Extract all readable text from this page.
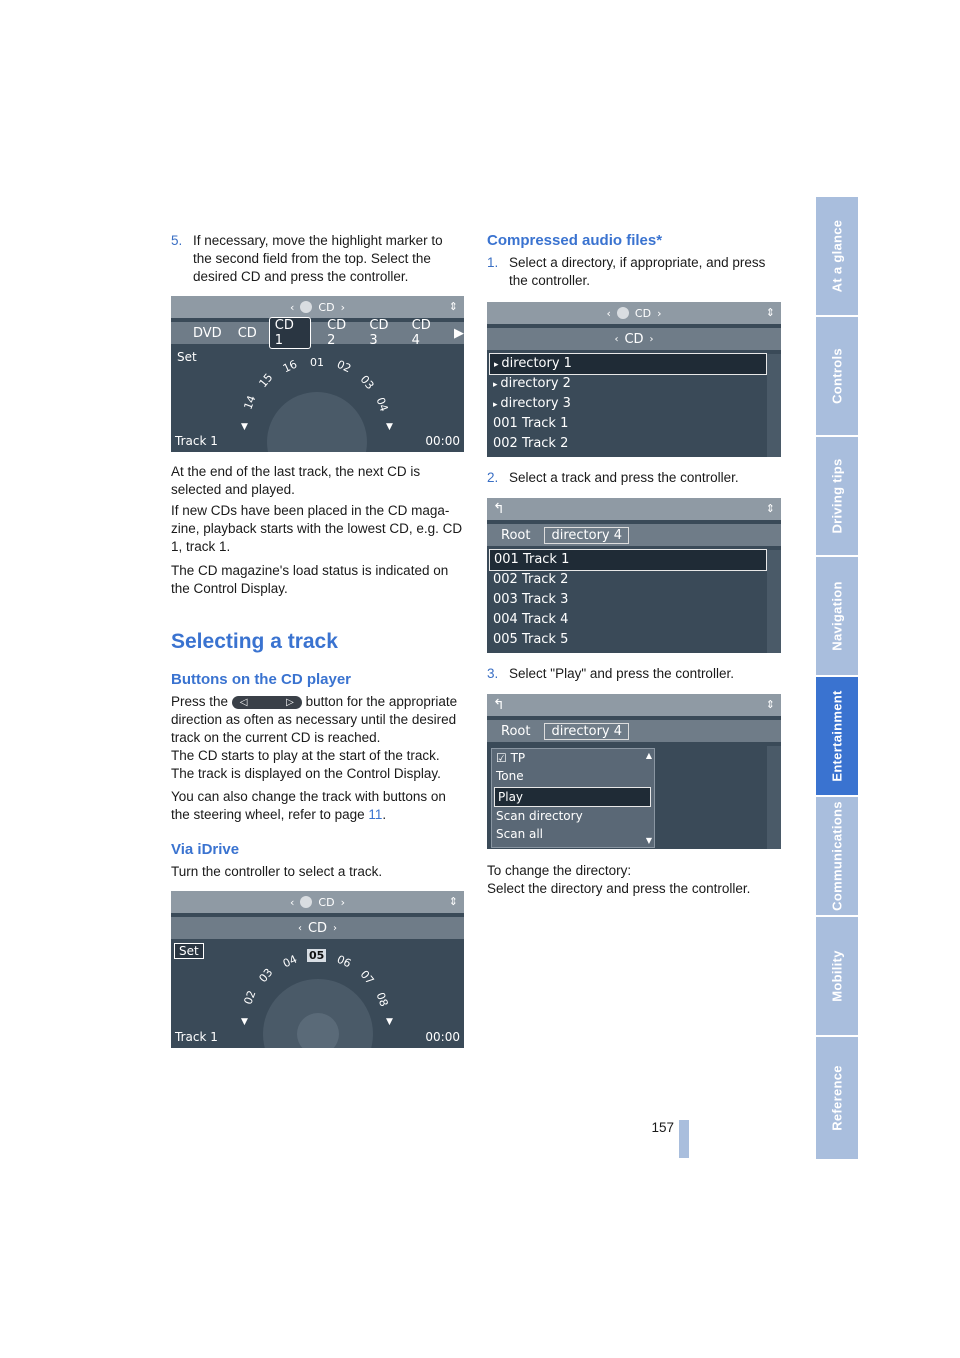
At a glance
Controls
Driving tips
Navigation
Entertainment
Communications
Mobility
Reference
157
5. If necessary, move the highlight marker to the second field from the top. Select the desired CD and press the controller.
‹ CD ›	⇕
DVD CD	CD 1
CD 2
CD 3
CD 4	▶
Set
14
15
16 01 02
03
04
▼	▼
Track 1	00:00
At the end of the last track, the next CD is selected and played.
If new CDs have been placed in the CD maga-zine, playback starts with the lowest CD, e.g. CD 1, track 1.
The CD magazine's load status is indicated on the Control Display.
Selecting a track
Buttons on the CD player
Press the ◁	▷ button for the appropriate direction as often as necessary until the desired track on the current CD is reached.
The CD starts to play at the start of the track.
The track is displayed on the Control Display.
You can also change the track with buttons on the steering wheel, refer to page 11.
Via iDrive
Turn the controller to select a track.
‹ CD ›	⇕
‹ CD ›
Set
02
03
04 05 06
07
08
▼	▼
Track 1	00:00
Compressed audio files*
1. Select a directory, if appropriate, and press the controller.
‹ CD ›	⇕
‹ CD ›
▸ directory 1
▸ directory 2
▸ directory 3
001 Track 1
002 Track 2
2. Select a track and press the controller.
↰	⇕
Root	directory 4
001 Track 1
002 Track 2
003 Track 3
004 Track 4
005 Track 5
3. Select "Play" and press the controller.
↰	⇕
Root	directory 4
☑ TP
Tone
Play
Scan directory
Scan all
▲
▼
To change the directory:
Select the directory and press the controller.
